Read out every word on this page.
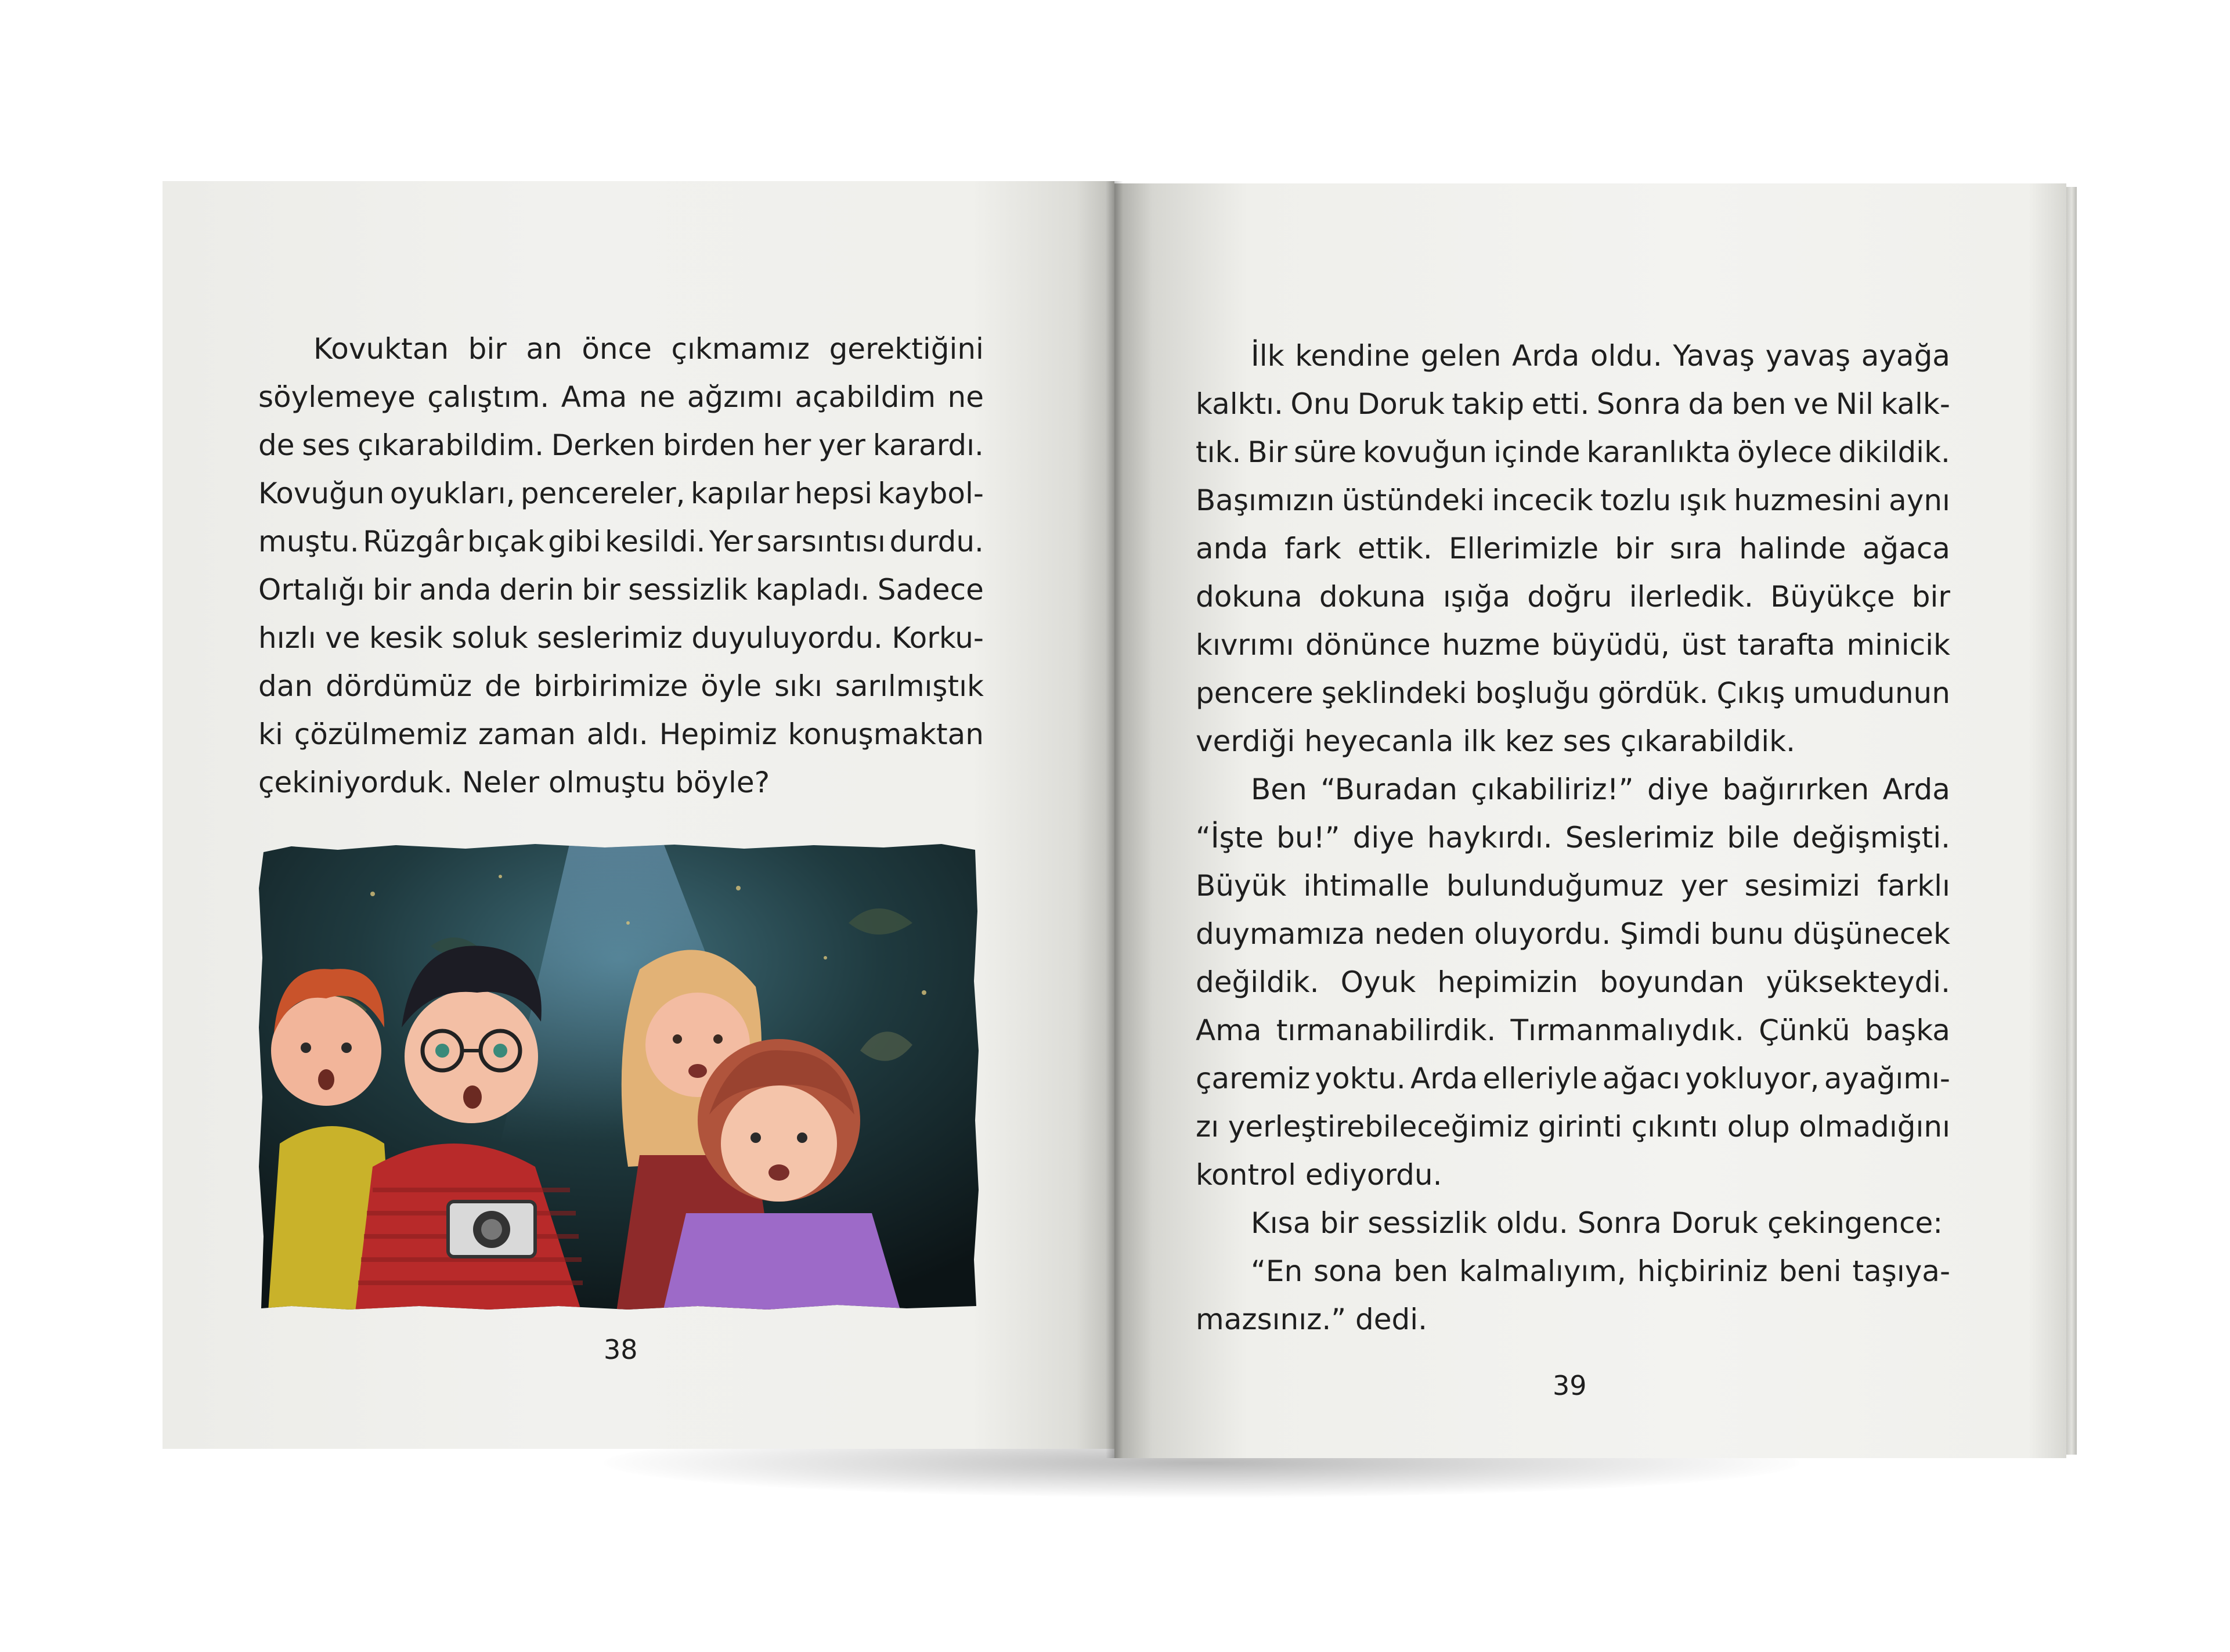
Kovuktan bir an önce çıkmamız gerektiğini
söylemeye çalıştım. Ama ne ağzımı açabildim ne
de ses çıkarabildim. Derken birden her yer karardı.
Kovuğun oyukları, pencereler, kapılar hepsi kaybol-
muştu. Rüzgâr bıçak gibi kesildi. Yer sarsıntısı durdu.
Ortalığı bir anda derin bir sessizlik kapladı. Sadece
hızlı ve kesik soluk seslerimiz duyuluyordu. Korku-
dan dördümüz de birbirimize öyle sıkı sarılmıştık
ki çözülmemiz zaman aldı. Hepimiz konuşmaktan
çekiniyorduk. Neler olmuştu böyle?
38
İlk kendine gelen Arda oldu. Yavaş yavaş ayağa
kalktı. Onu Doruk takip etti. Sonra da ben ve Nil kalk-
tık. Bir süre kovuğun içinde karanlıkta öylece dikildik.
Başımızın üstündeki incecik tozlu ışık huzmesini aynı
anda fark ettik. Ellerimizle bir sıra halinde ağaca
dokuna dokuna ışığa doğru ilerledik. Büyükçe bir
kıvrımı dönünce huzme büyüdü, üst tarafta minicik
pencere şeklindeki boşluğu gördük. Çıkış umudunun
verdiği heyecanla ilk kez ses çıkarabildik.
Ben “Buradan çıkabiliriz!” diye bağırırken Arda
“İşte bu!” diye haykırdı. Seslerimiz bile değişmişti.
Büyük ihtimalle bulunduğumuz yer sesimizi farklı
duymamıza neden oluyordu. Şimdi bunu düşünecek
değildik. Oyuk hepimizin boyundan yüksekteydi.
Ama tırmanabilirdik. Tırmanmalıydık. Çünkü başka
çaremiz yoktu. Arda elleriyle ağacı yokluyor, ayağımı-
zı yerleştirebileceğimiz girinti çıkıntı olup olmadığını
kontrol ediyordu.
Kısa bir sessizlik oldu. Sonra Doruk çekingence:
“En sona ben kalmalıyım, hiçbiriniz beni taşıya-
mazsınız.” dedi.
39
